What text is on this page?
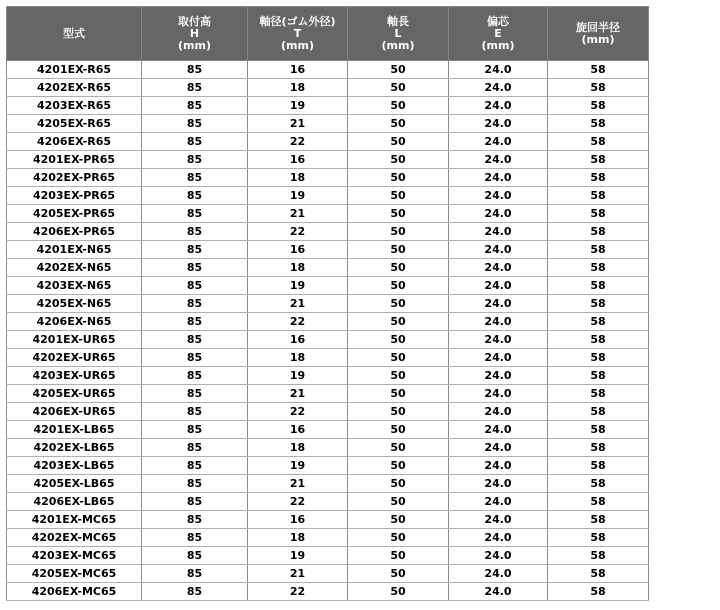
型式	取付高
H
(mm)	軸径(ゴム外径)
T
(mm)	軸長
L
(mm)	偏芯
E
(mm)	旋回半径
(mm)

4201EX-R65	85	16	50	24.0	58
4202EX-R65	85	18	50	24.0	58
4203EX-R65	85	19	50	24.0	58
4205EX-R65	85	21	50	24.0	58
4206EX-R65	85	22	50	24.0	58
4201EX-PR65	85	16	50	24.0	58
4202EX-PR65	85	18	50	24.0	58
4203EX-PR65	85	19	50	24.0	58
4205EX-PR65	85	21	50	24.0	58
4206EX-PR65	85	22	50	24.0	58
4201EX-N65	85	16	50	24.0	58
4202EX-N65	85	18	50	24.0	58
4203EX-N65	85	19	50	24.0	58
4205EX-N65	85	21	50	24.0	58
4206EX-N65	85	22	50	24.0	58
4201EX-UR65	85	16	50	24.0	58
4202EX-UR65	85	18	50	24.0	58
4203EX-UR65	85	19	50	24.0	58
4205EX-UR65	85	21	50	24.0	58
4206EX-UR65	85	22	50	24.0	58
4201EX-LB65	85	16	50	24.0	58
4202EX-LB65	85	18	50	24.0	58
4203EX-LB65	85	19	50	24.0	58
4205EX-LB65	85	21	50	24.0	58
4206EX-LB65	85	22	50	24.0	58
4201EX-MC65	85	16	50	24.0	58
4202EX-MC65	85	18	50	24.0	58
4203EX-MC65	85	19	50	24.0	58
4205EX-MC65	85	21	50	24.0	58
4206EX-MC65	85	22	50	24.0	58
